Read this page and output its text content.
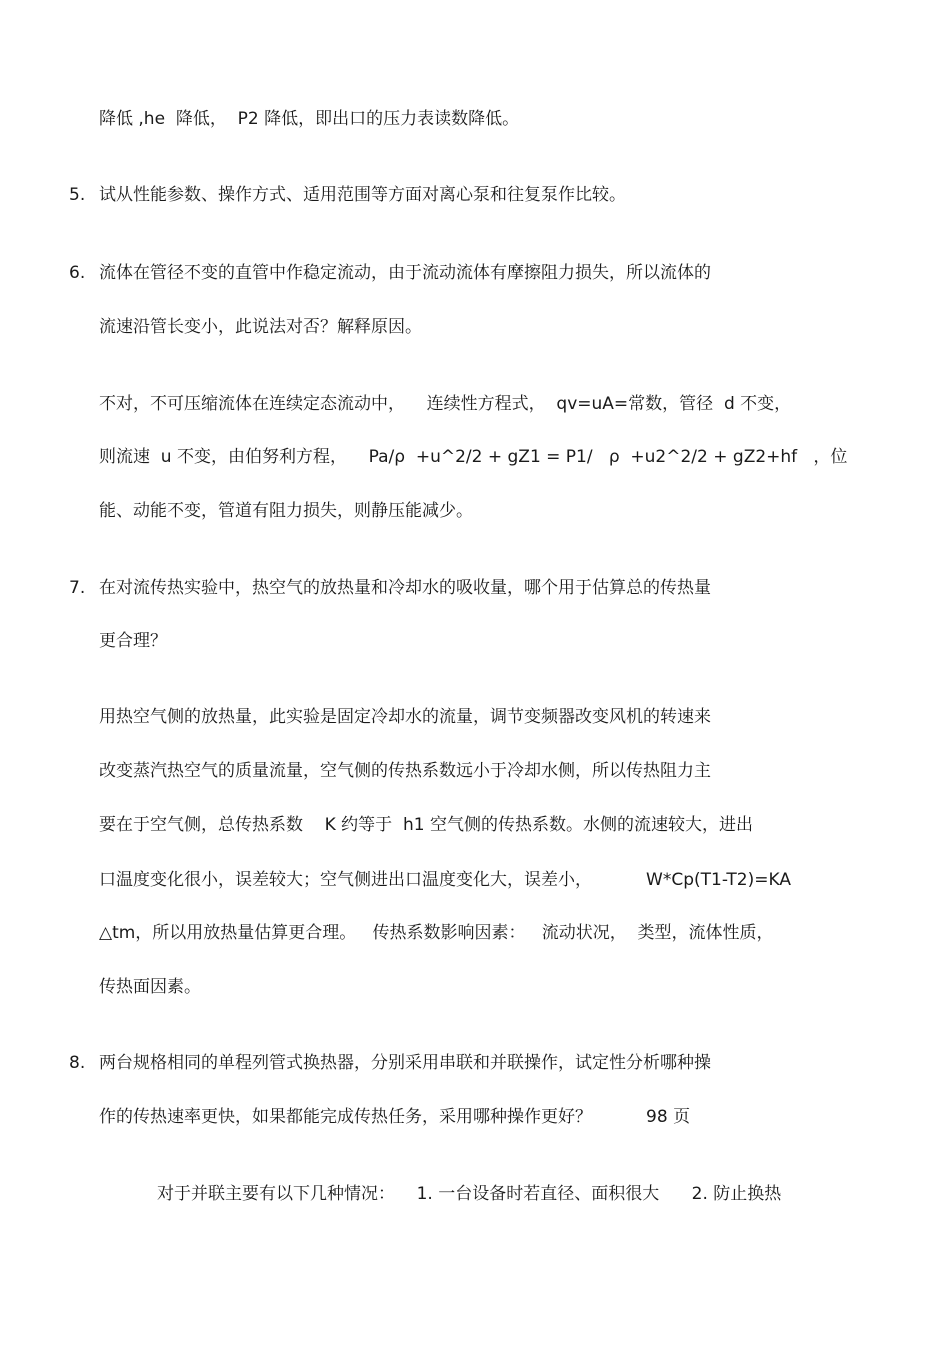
降低 ,he  降低，  P2 降低，即出口的压力表读数降低。
5. 试从性能参数、操作方式、适用范围等方面对离心泵和往复泵作比较。
6. 流体在管径不变的直管中作稳定流动，由于流动流体有摩擦阻力损失，所以流体的
流速沿管长变小，此说法对否？解释原因。
不对，不可压缩流体在连续定态流动中，    连续性方程式，  qv=uA=常数，管径  d 不变，
则流速  u 不变，由伯努利方程，    Pa/ρ  +u^2/2 + gZ1 = P1/   ρ  +u2^2/2 + gZ2+hf   ，位
能、动能不变，管道有阻力损失，则静压能减少。
7. 在对流传热实验中，热空气的放热量和冷却水的吸收量，哪个用于估算总的传热量
更合理？
用热空气侧的放热量，此实验是固定冷却水的流量，调节变频器改变风机的转速来
改变蒸汽热空气的质量流量，空气侧的传热系数远小于冷却水侧，所以传热阻力主
要在于空气侧，总传热系数    K 约等于  h1 空气侧的传热系数。水侧的流速较大，进出
口温度变化很小，误差较大；空气侧进出口温度变化大，误差小，          W*Cp(T1-T2)=KA
△tm，所以用放热量估算更合理。   传热系数影响因素：   流动状况，  类型，流体性质，
传热面因素。
8. 两台规格相同的单程列管式换热器，分别采用串联和并联操作，试定性分析哪种操
作的传热速率更快，如果都能完成传热任务，采用哪种操作更好？          98 页
对于并联主要有以下几种情况：    1. 一台设备时若直径、面积很大      2. 防止换热
